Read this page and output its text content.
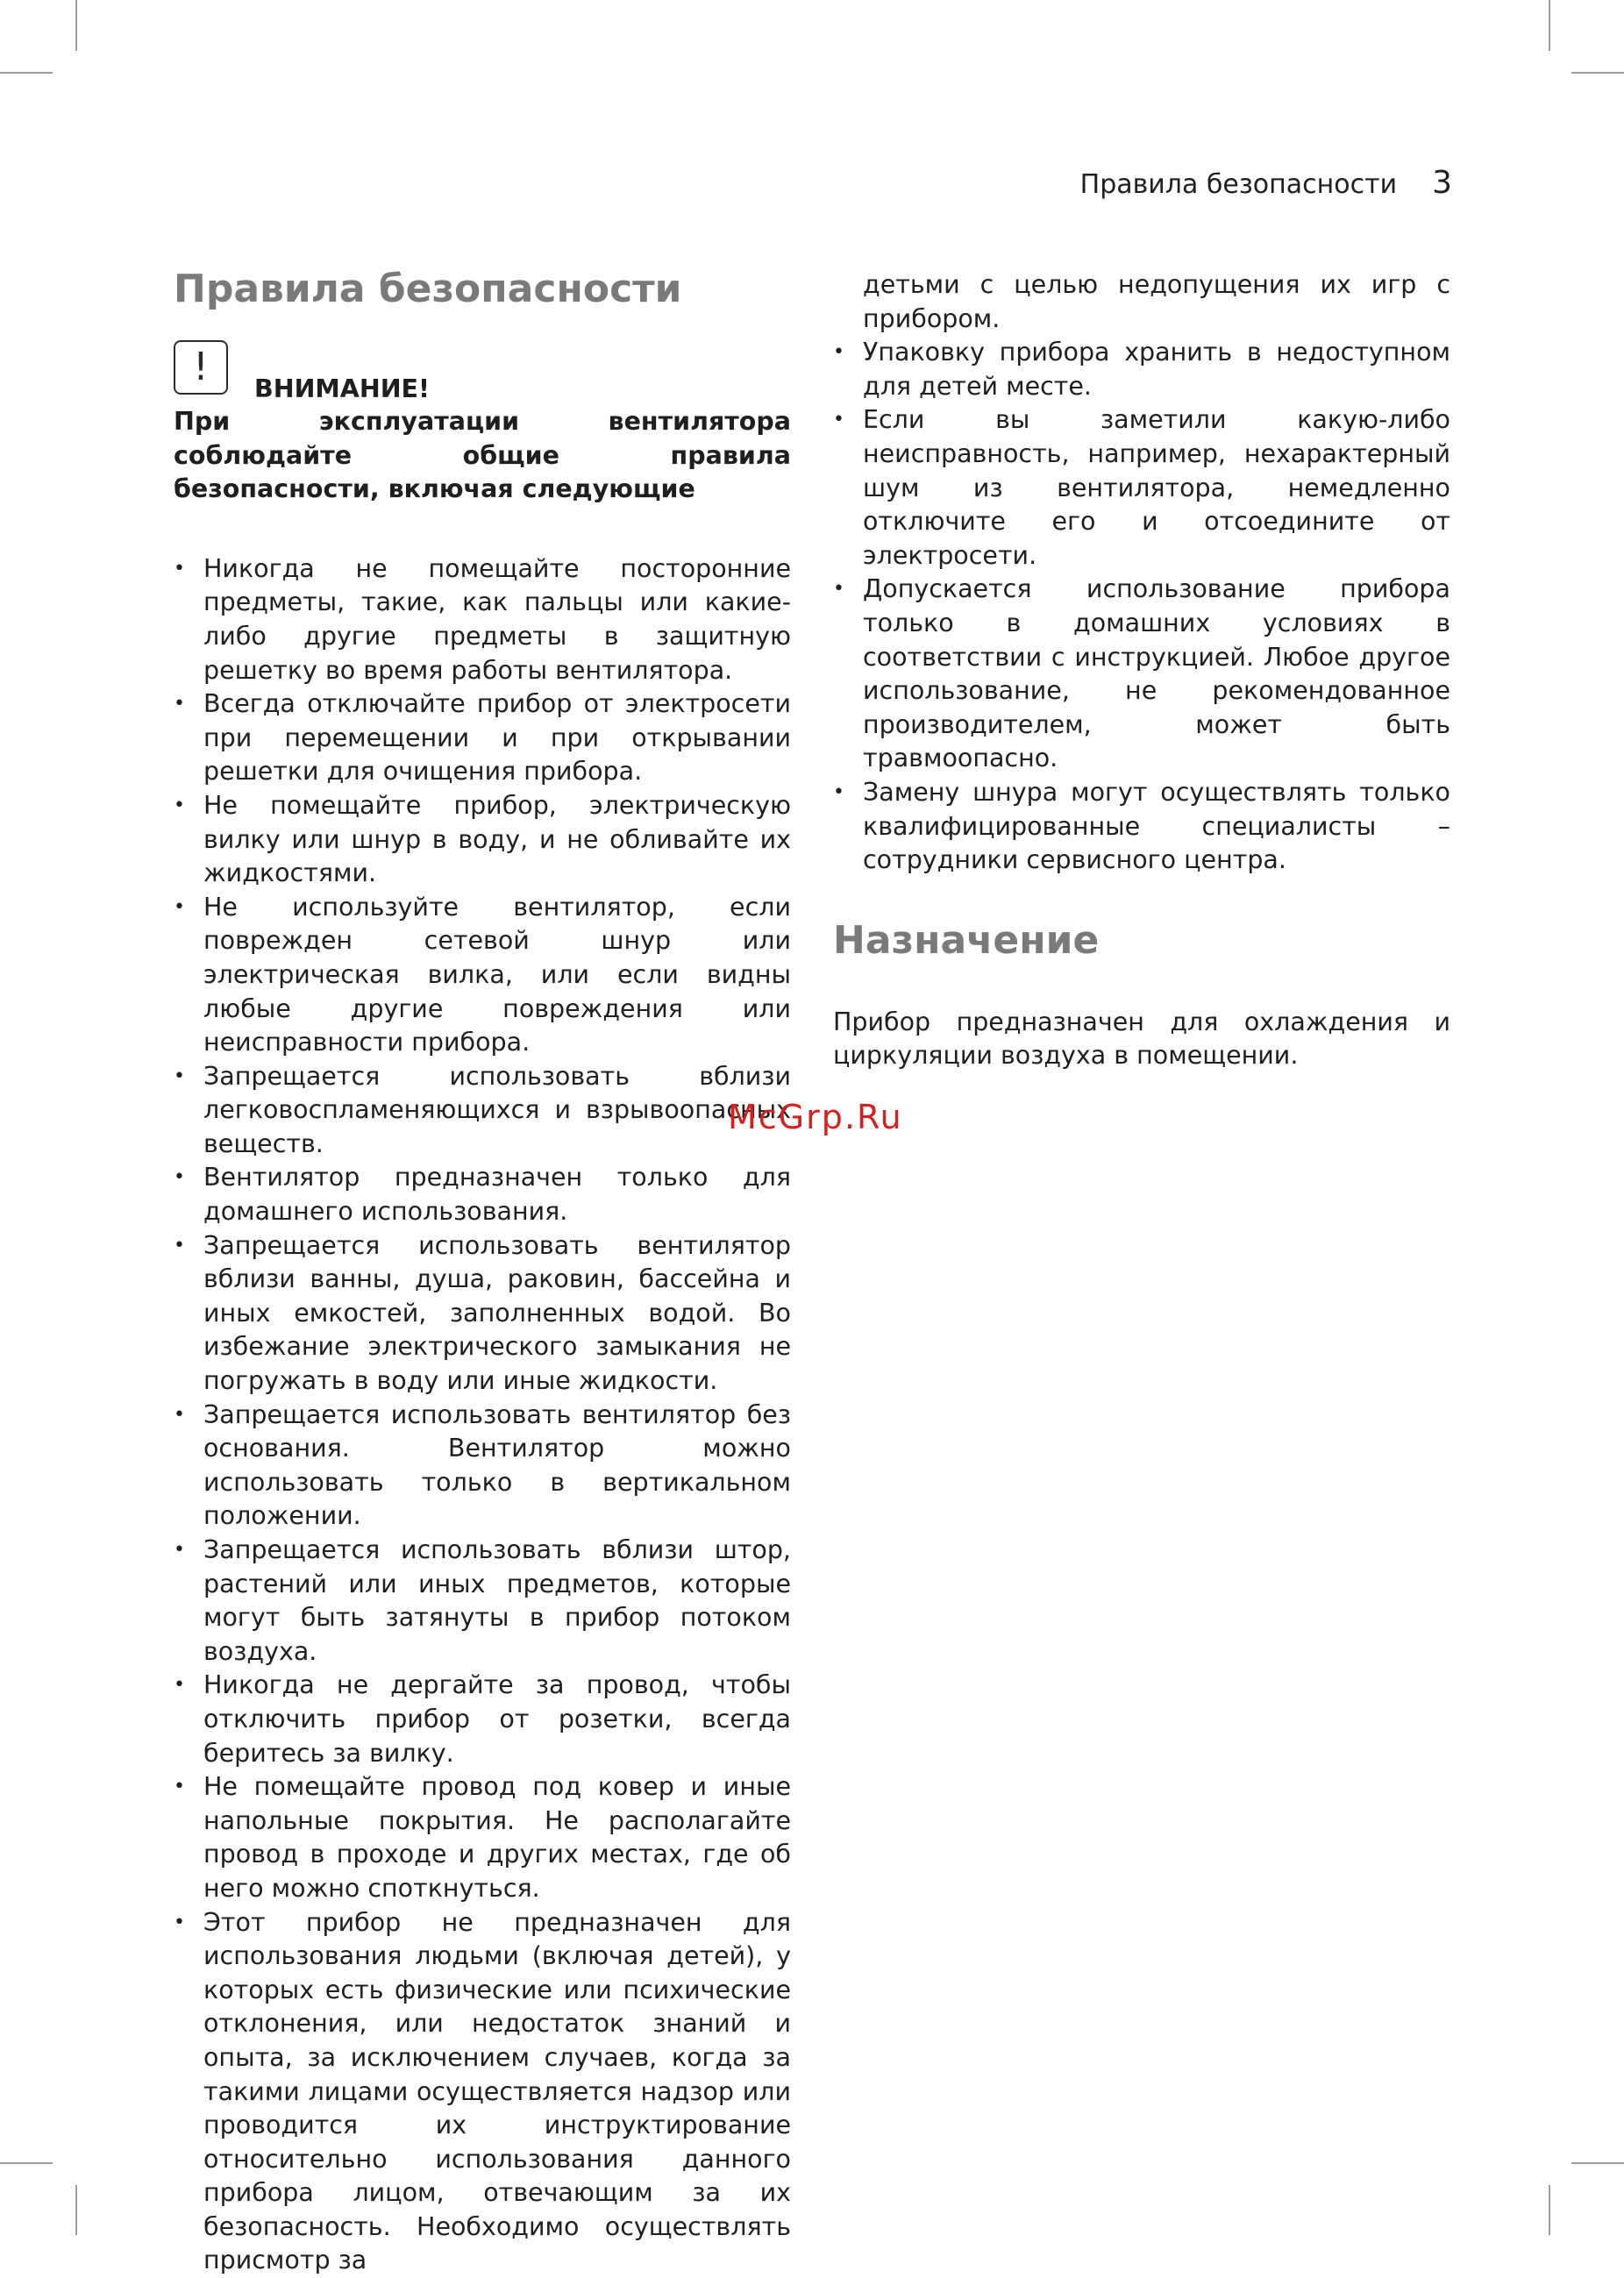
Правила безопасности 3
Правила безопасности
!	ВНИМАНИЕ!

При эксплуатации вентилятора соблюдайте общие правила безопасности, включая следующие

• Никогда не помещайте посторонние предметы, такие, как пальцы или какие-либо другие предметы в защитную решетку во время работы вентилятора.
• Всегда отключайте прибор от электросети при перемещении и при открывании решетки для очищения прибора.
• Не помещайте прибор, электрическую вилку или шнур в воду, и не обливайте их жидкостями.
• Не используйте вентилятор, если поврежден сетевой шнур или электрическая вилка, или если видны любые другие повреждения или неисправности прибора.
• Запрещается использовать вблизи легковоспламеняющихся и взрывоопасных веществ.
• Вентилятор предназначен только для домашнего использования.
• Запрещается использовать вентилятор вблизи ванны, душа, раковин, бассейна и иных емкостей, заполненных водой. Во избежание электрического замыкания не погружать в воду или иные жидкости.
• Запрещается использовать вентилятор без основания. Вентилятор можно использовать только в вертикальном положении.
• Запрещается использовать вблизи штор, растений или иных предметов, которые могут быть затянуты в прибор потоком воздуха.
• Никогда не дергайте за провод, чтобы отключить прибор от розетки, всегда беритесь за вилку.
• Не помещайте провод под ковер и иные напольные покрытия. Не располагайте провод в проходе и других местах, где об него можно споткнуться.
• Этот прибор не предназначен для использования людьми (включая детей), у которых есть физические или психические отклонения, или недостаток знаний и опыта, за исключением случаев, когда за такими лицами осуществляется надзор или проводится их инструктирование относительно использования данного прибора лицом, отвечающим за их безопасность. Необходимо осуществлять присмотр за

детьми с целью недопущения их игр с прибором.

• Упаковку прибора хранить в недоступном для детей месте.
• Если вы заметили какую-либо неисправность, например, нехарактерный шум из вентилятора, немедленно отключите его и отсоедините от электросети.
• Допускается использование прибора только в домашних условиях в соответствии с инструкцией. Любое другое использование, не рекомендованное производителем, может быть травмоопасно.
• Замену шнура могут осуществлять только квалифицированные специалисты – сотрудники сервисного центра.
Назначение

Прибор предназначен для охлаждения и циркуляции воздуха в помещении.

McGrp.Ru
